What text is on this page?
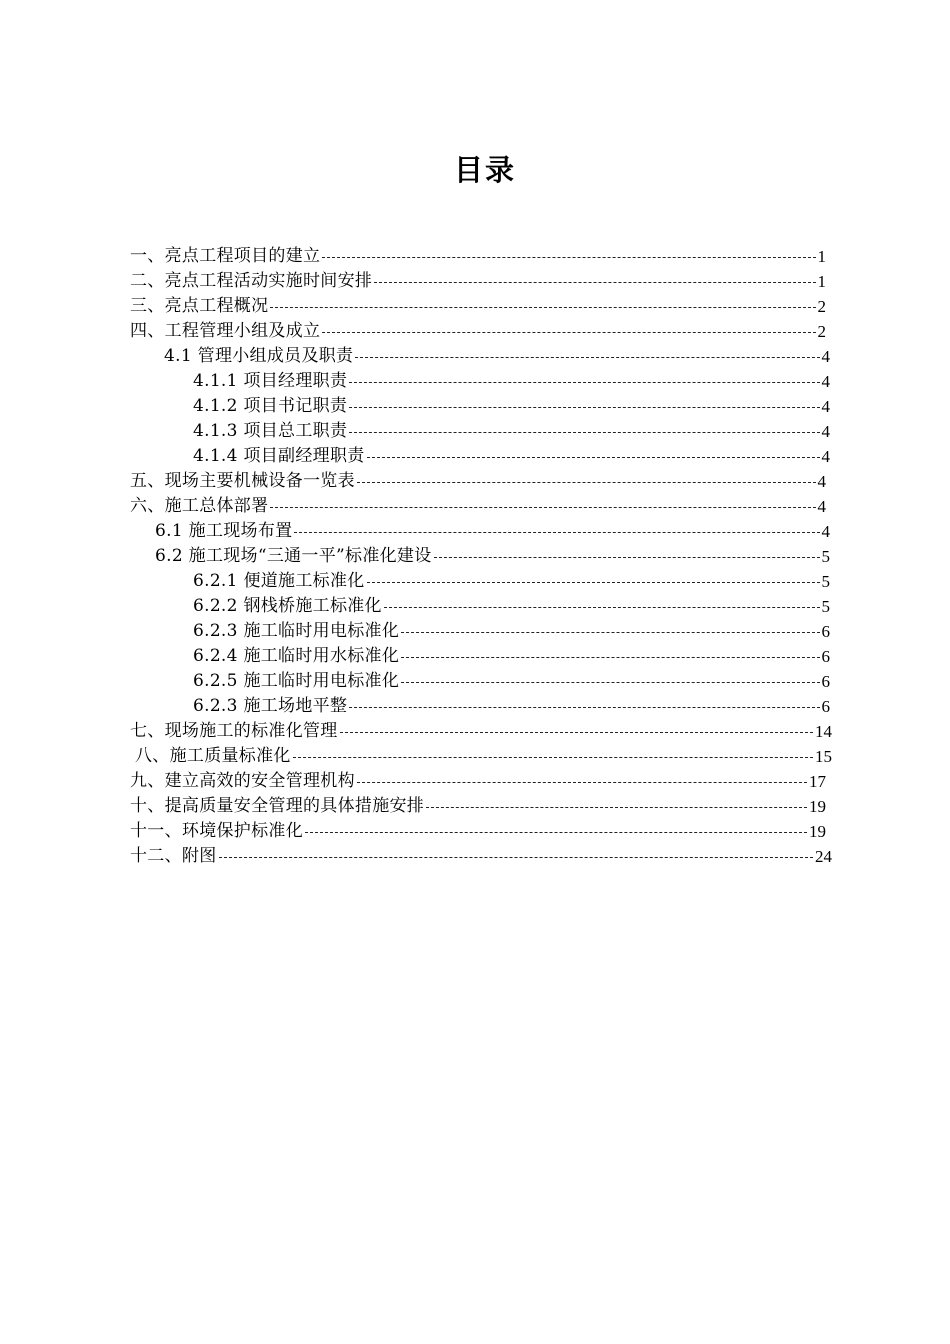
目录
一、亮点工程项目的建立	1
二、亮点工程活动实施时间安排	1
三、亮点工程概况	2
四、工程管理小组及成立	2
4.1 管理小组成员及职责	4
4.1.1 项目经理职责	4
4.1.2 项目书记职责	4
4.1.3 项目总工职责	4
4.1.4 项目副经理职责	4
五、现场主要机械设备一览表	4
六、施工总体部署	4
6.1 施工现场布置	4
6.2 施工现场“三通一平”标准化建设	5
6.2.1 便道施工标准化	5
6.2.2 钢栈桥施工标准化	5
6.2.3 施工临时用电标准化	6
6.2.4 施工临时用水标准化	6
6.2.5 施工临时用电标准化	6
6.2.3 施工场地平整	6
七、现场施工的标准化管理	14
八、施工质量标准化	15
九、建立高效的安全管理机构	17
十、提高质量安全管理的具体措施安排	19
十一、环境保护标准化	19
十二、附图	24
